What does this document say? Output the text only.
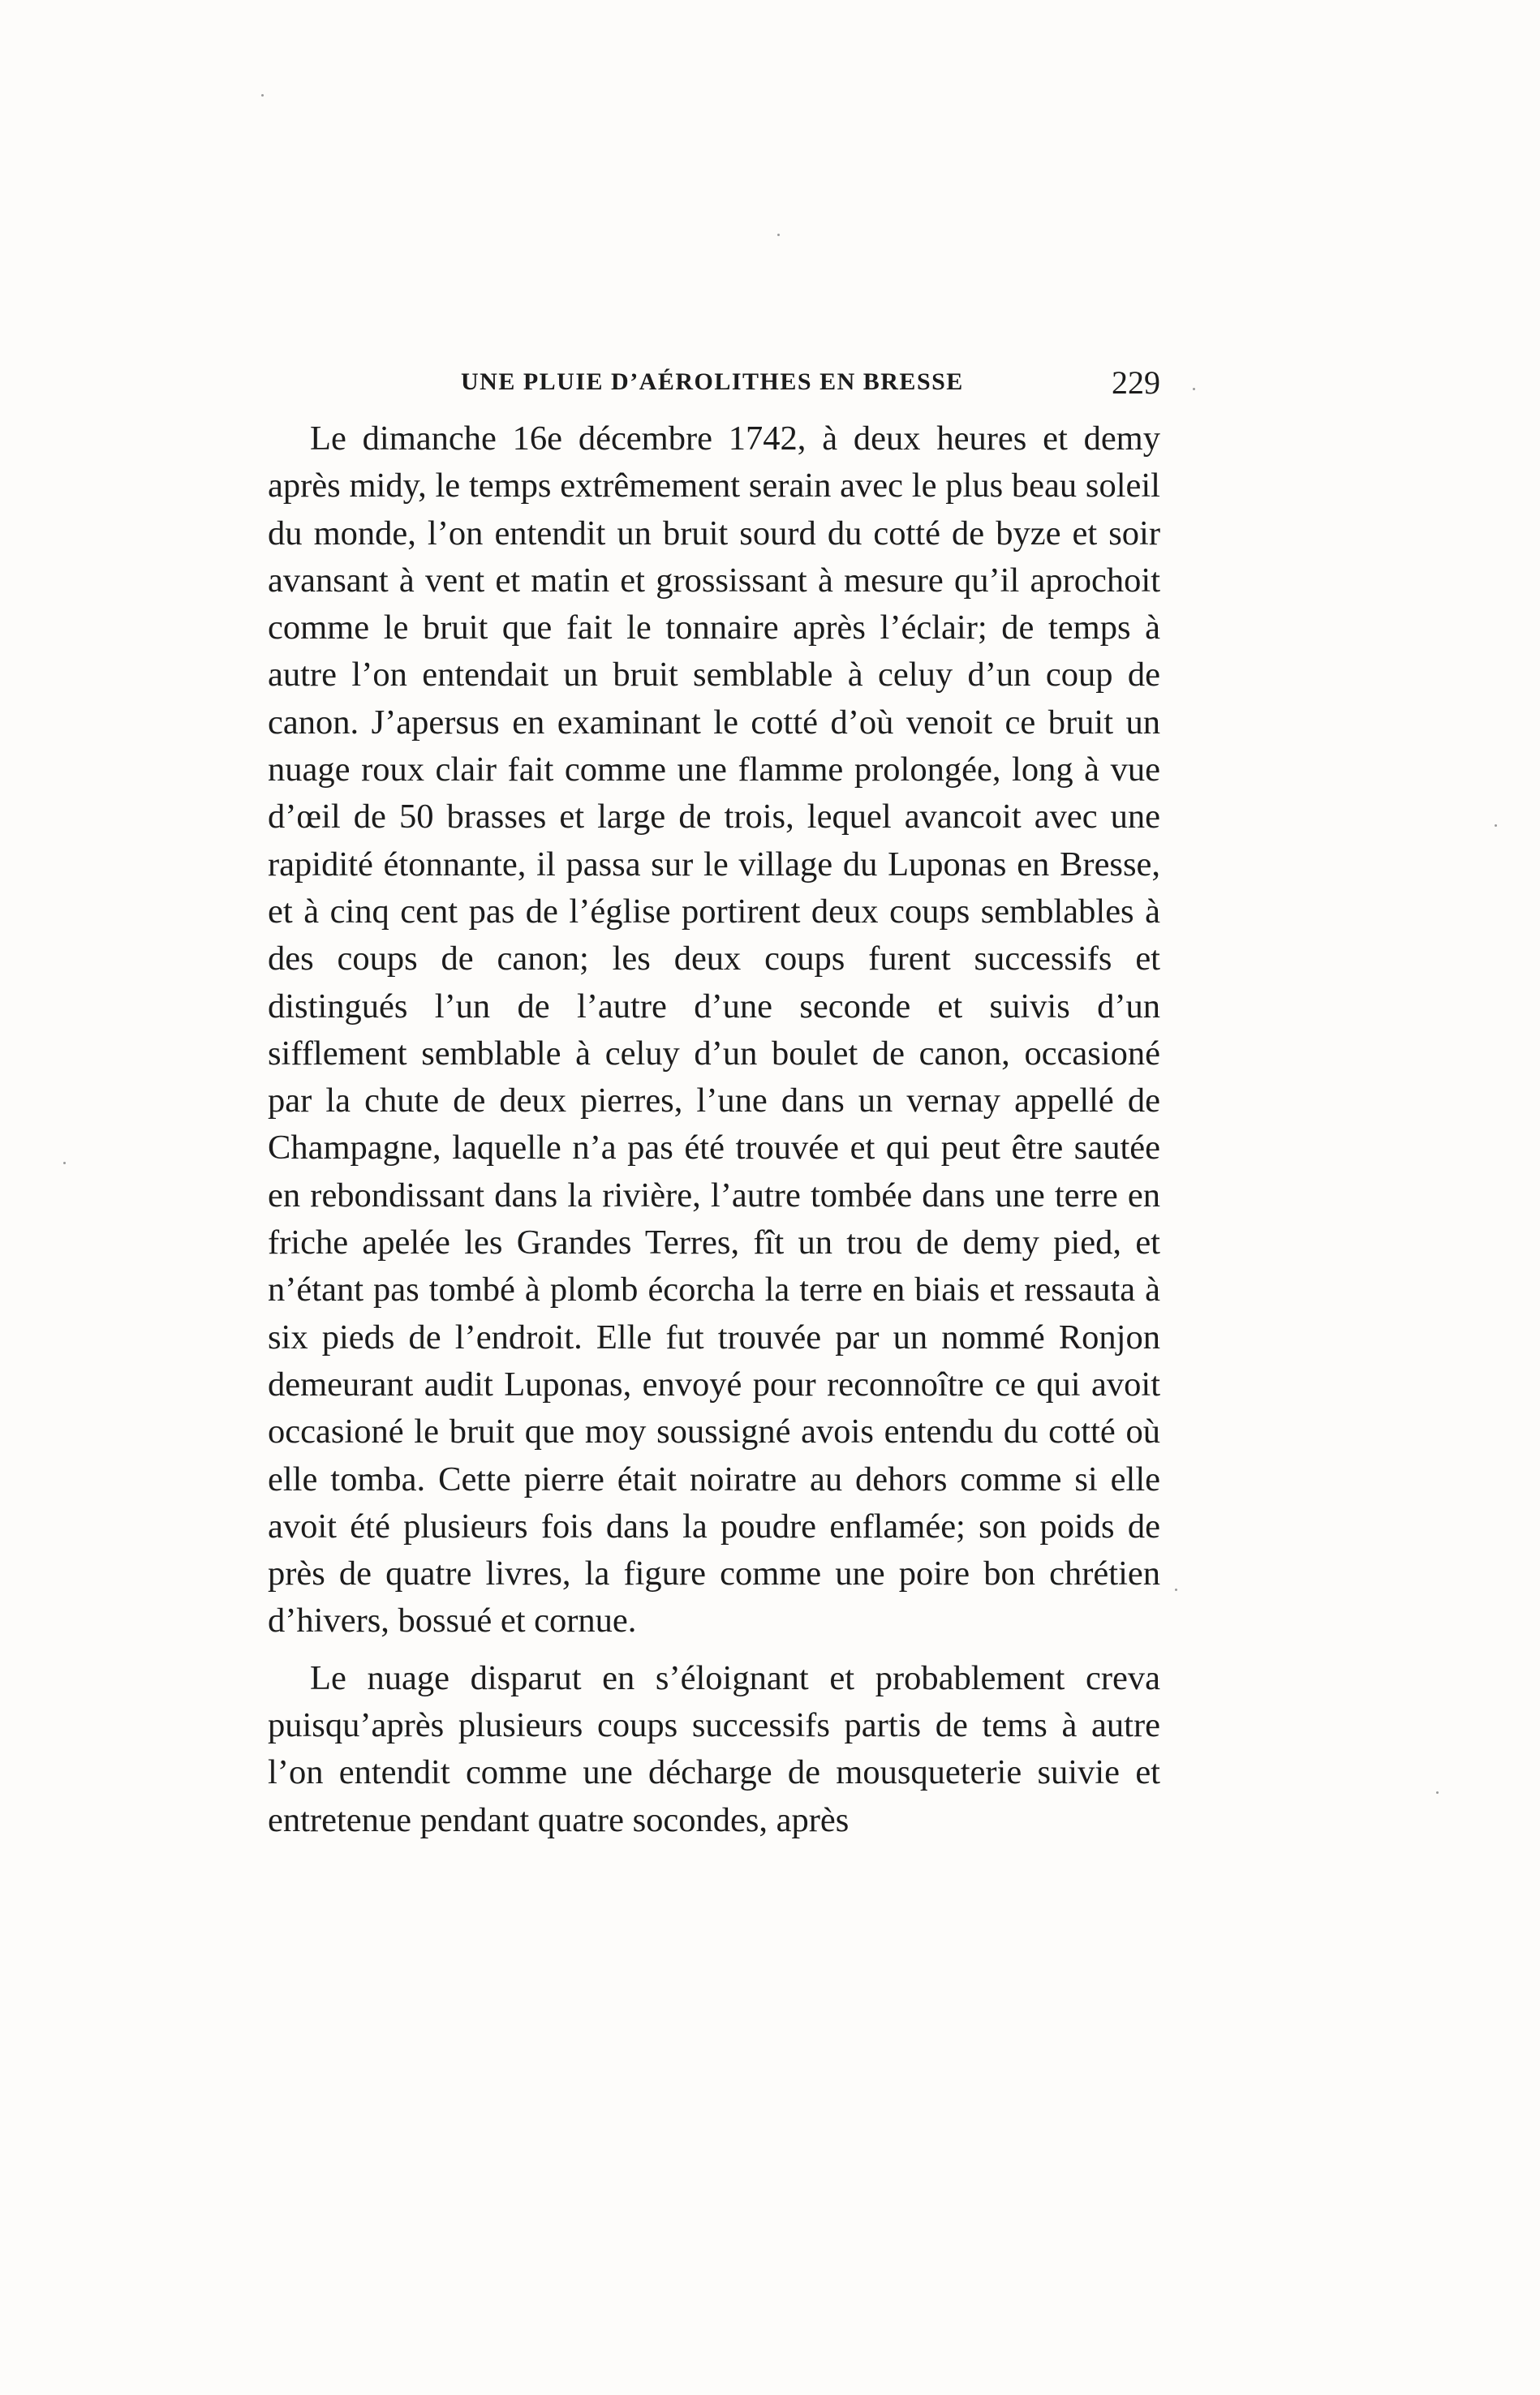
UNE PLUIE D’AÉROLITHES EN BRESSE	229

Le dimanche 16e décembre 1742, à deux heures et demy après midy, le temps extrêmement serain avec le plus beau soleil du monde, l’on entendit un bruit sourd du cotté de byze et soir avansant à vent et matin et grossissant à mesure qu’il aprochoit comme le bruit que fait le tonnaire après l’éclair; de temps à autre l’on entendait un bruit semblable à celuy d’un coup de canon. J’apersus en examinant le cotté d’où venoit ce bruit un nuage roux clair fait comme une flamme prolongée, long à vue d’œil de 50 brasses et large de trois, lequel avancoit avec une rapidité étonnante, il passa sur le village du Luponas en Bresse, et à cinq cent pas de l’église portirent deux coups semblables à des coups de canon; les deux coups furent successifs et distingués l’un de l’autre d’une seconde et suivis d’un sifflement semblable à celuy d’un boulet de canon, occasioné par la chute de deux pierres, l’une dans un vernay appellé de Champagne, laquelle n’a pas été trouvée et qui peut être sautée en rebondissant dans la rivière, l’autre tombée dans une terre en friche apelée les Grandes Terres, fît un trou de demy pied, et n’étant pas tombé à plomb écorcha la terre en biais et ressauta à six pieds de l’endroit. Elle fut trouvée par un nommé Ronjon demeurant audit Luponas, envoyé pour reconnoître ce qui avoit occasioné le bruit que moy soussigné avois entendu du cotté où elle tomba. Cette pierre était noiratre au dehors comme si elle avoit été plusieurs fois dans la poudre enflamée; son poids de près de quatre livres, la figure comme une poire bon chrétien d’hivers, bossué et cornue.

Le nuage disparut en s’éloignant et probablement creva puisqu’après plusieurs coups successifs partis de tems à autre l’on entendit comme une décharge de mousqueterie suivie et entretenue pendant quatre socondes, après
